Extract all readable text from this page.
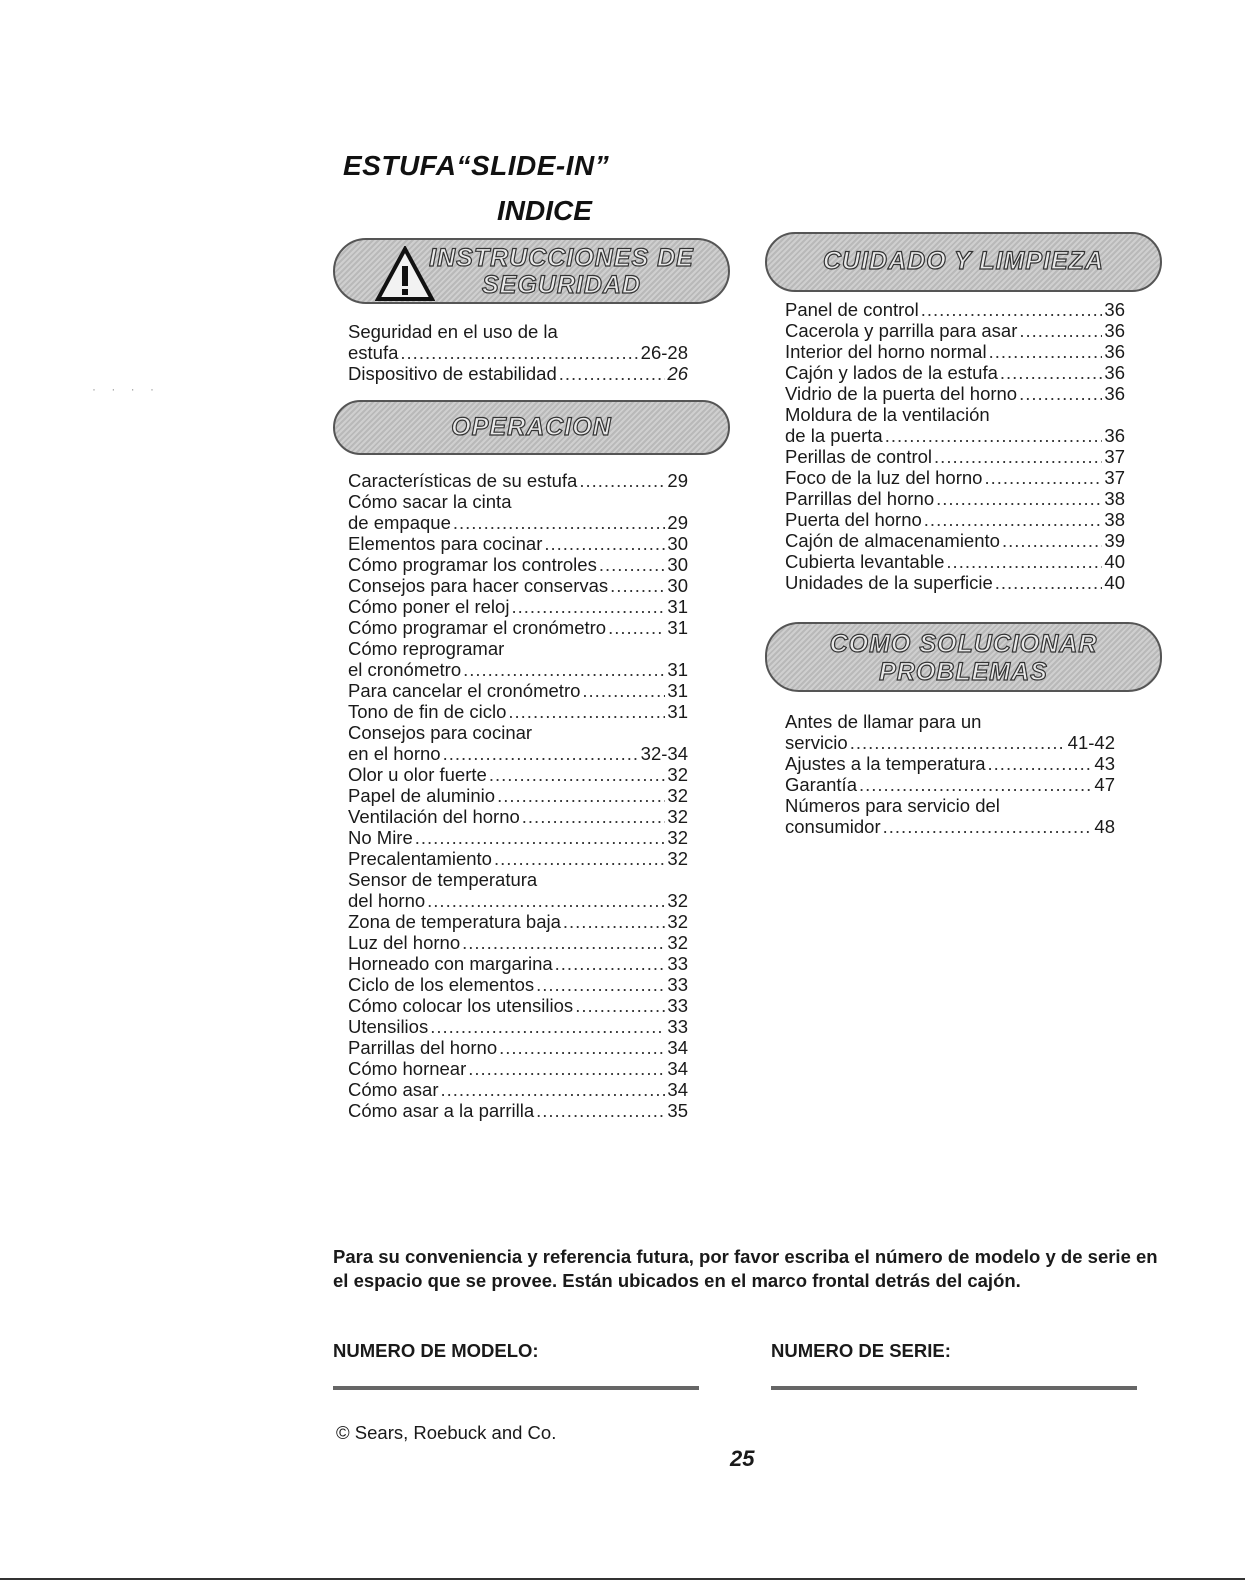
· · · ·
ESTUFA“SLIDE-IN”
INDICE
INSTRUCCIONES DE
SEGURIDAD
Seguridad en el uso de la
estufa .....	26-28
Dispositivo de estabilidad .....	26
OPERACION
Características de su estufa .....	29
Cómo sacar la cinta
de empaque .....	29
Elementos para cocinar .....	30
Cómo programar los controles .....	30
Consejos para hacer conservas .....	30
Cómo poner el reloj .....	31
Cómo programar el cronómetro .....	31
Cómo reprogramar
el cronómetro .....	31
Para cancelar el cronómetro .....	31
Tono de fin de ciclo .....	31
Consejos para cocinar
en el horno .....	32-34
Olor u olor fuerte .....	32
Papel de aluminio .....	32
Ventilación del horno .....	32
No Mire .....	32
Precalentamiento .....	32
Sensor de temperatura
del horno .....	32
Zona de temperatura baja .....	32
Luz del horno .....	32
Horneado con margarina .....	33
Ciclo de los elementos .....	33
Cómo colocar los utensilios .....	33
Utensilios .....	33
Parrillas del horno .....	34
Cómo hornear .....	34
Cómo asar .....	34
Cómo asar a la parrilla .....	35
CUIDADO Y LIMPIEZA
Panel de control .....	36
Cacerola y parrilla para asar .....	36
Interior del horno normal .....	36
Cajón y lados de la estufa .....	36
Vidrio de la puerta del horno .....	36
Moldura de la ventilación
de la puerta .....	36
Perillas de control .....	37
Foco de la luz del horno .....	37
Parrillas del horno .....	38
Puerta del horno .....	38
Cajón de almacenamiento .....	39
Cubierta levantable .....	40
Unidades de la superficie .....	40
COMO SOLUCIONAR
PROBLEMAS
Antes de llamar para un
servicio .....	41-42
Ajustes a la temperatura .....	43
Garantía .....	47
Números para servicio del
consumidor .....	48
Para su conveniencia y referencia futura, por favor escriba el número de modelo y de serie en el espacio que se provee. Están ubicados en el marco frontal detrás del cajón.
NUMERO DE MODELO:	NUMERO DE SERIE:
© Sears, Roebuck and Co.
25
